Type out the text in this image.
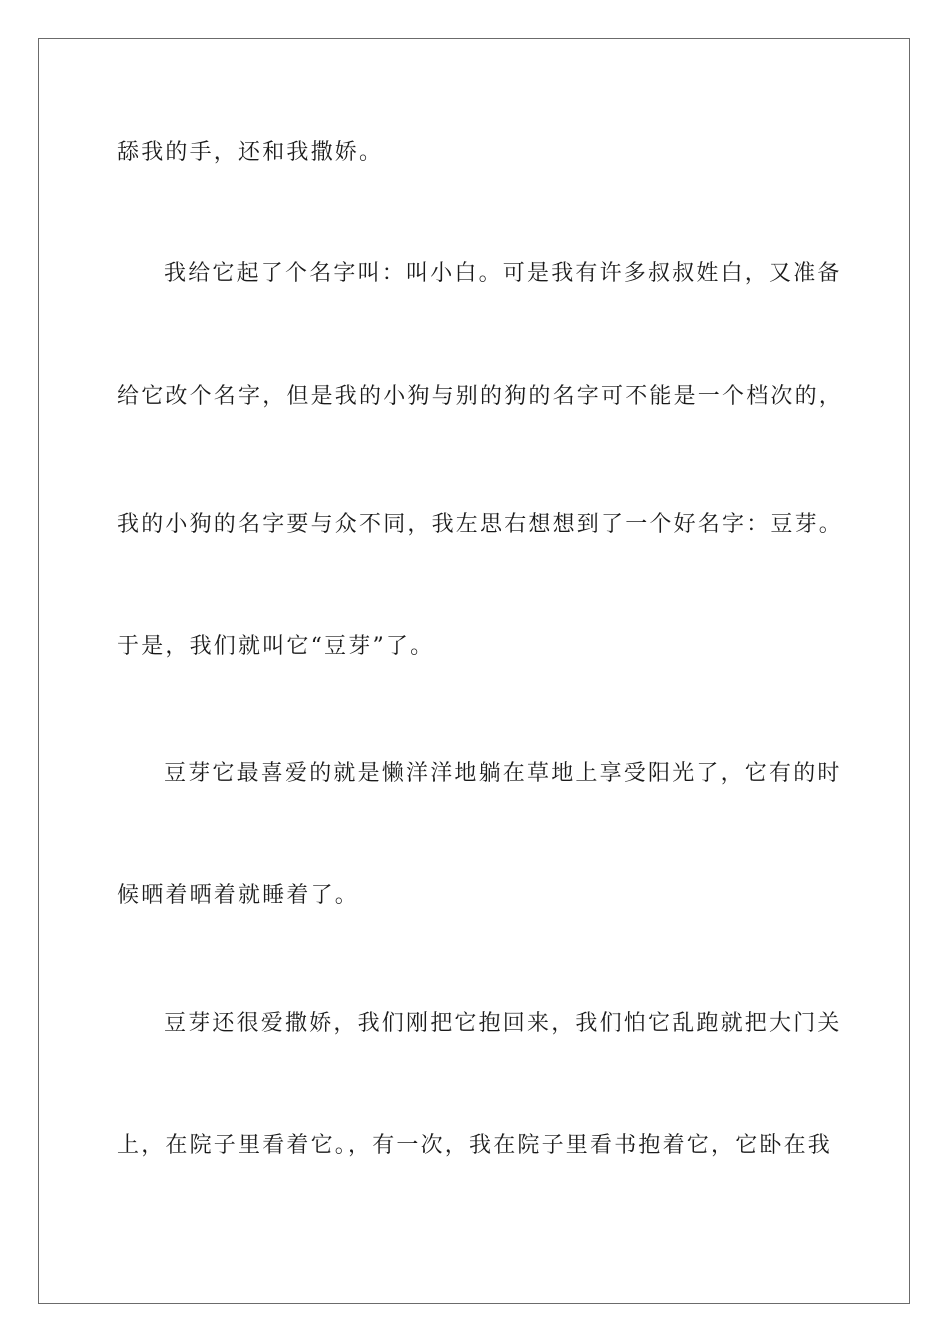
舔我的手，还和我撒娇。

我给它起了个名字叫：叫小白。可是我有许多叔叔姓白，又准备

给它改个名字，但是我的小狗与别的狗的名字可不能是一个档次的，

我的小狗的名字要与众不同，我左思右想想到了一个好名字：豆芽。

于是，我们就叫它“豆芽”了。

豆芽它最喜爱的就是懒洋洋地躺在草地上享受阳光了，它有的时

候晒着晒着就睡着了。

豆芽还很爱撒娇，我们刚把它抱回来，我们怕它乱跑就把大门关

上，在院子里看着它。，有一次，我在院子里看书抱着它，它卧在我
